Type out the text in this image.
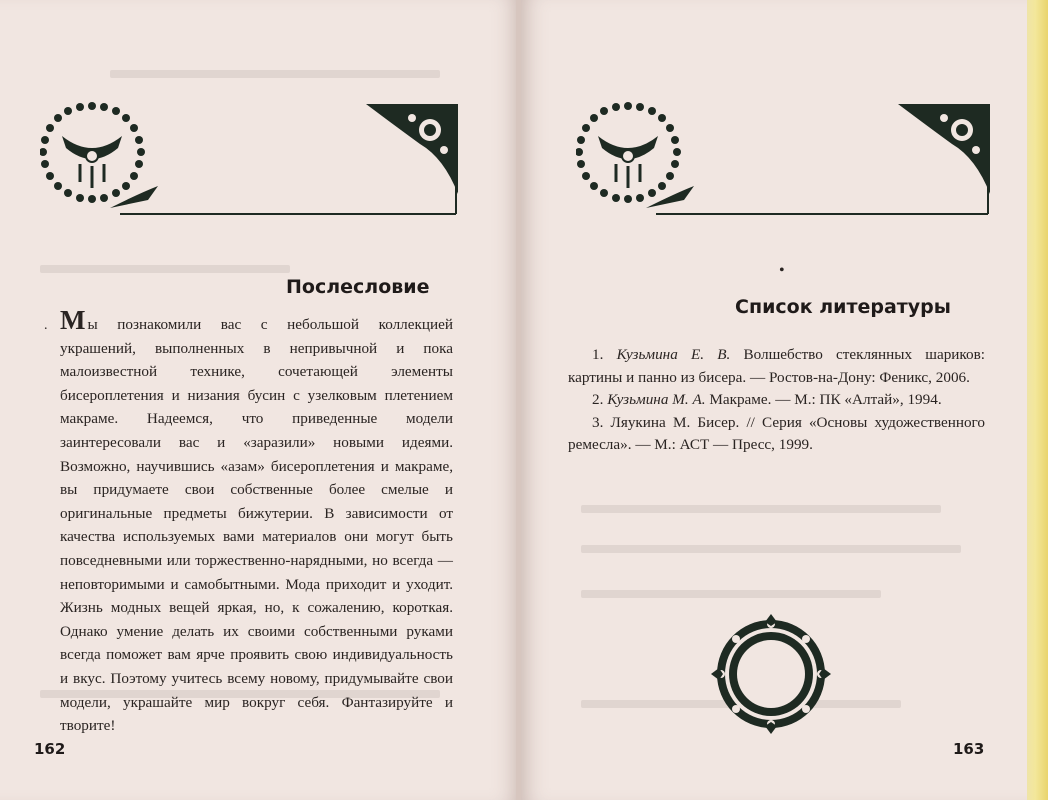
Послесловие
. Мы познакомили вас с небольшой коллекцией украшений, выполненных в непривычной и пока малоизвестной технике, сочетающей элементы бисероплетения и низания бусин с узелковым плетением макраме. Надеемся, что приведенные модели заинтересовали вас и «заразили» новыми идеями. Возможно, научившись «азам» бисероплетения и макраме, вы придумаете свои собственные более смелые и оригинальные предметы бижутерии. В зависимости от качества используемых вами материалов они могут быть повседневными или торжественно-нарядными, но всегда — неповторимыми и самобытными. Мода приходит и уходит. Жизнь модных вещей яркая, но, к сожалению, короткая. Однако умение делать их своими собственными руками всегда поможет вам ярче проявить свою индивидуальность и вкус. Поэтому учитесь всему новому, придумывайте свои модели, украшайте мир вокруг себя. Фантазируйте и творите!
162
•
Список литературы
163

1. Кузьмина Е. В. Волшебство стеклянных шариков: картины и панно из бисера. — Ростов-на-Дону: Феникс, 2006.

2. Кузьмина М. А. Макраме. — М.: ПК «Алтай», 1994.

3. Ляукина М. Бисер. // Серия «Основы художественного ремесла». — М.: АСТ — Пресс, 1999.
